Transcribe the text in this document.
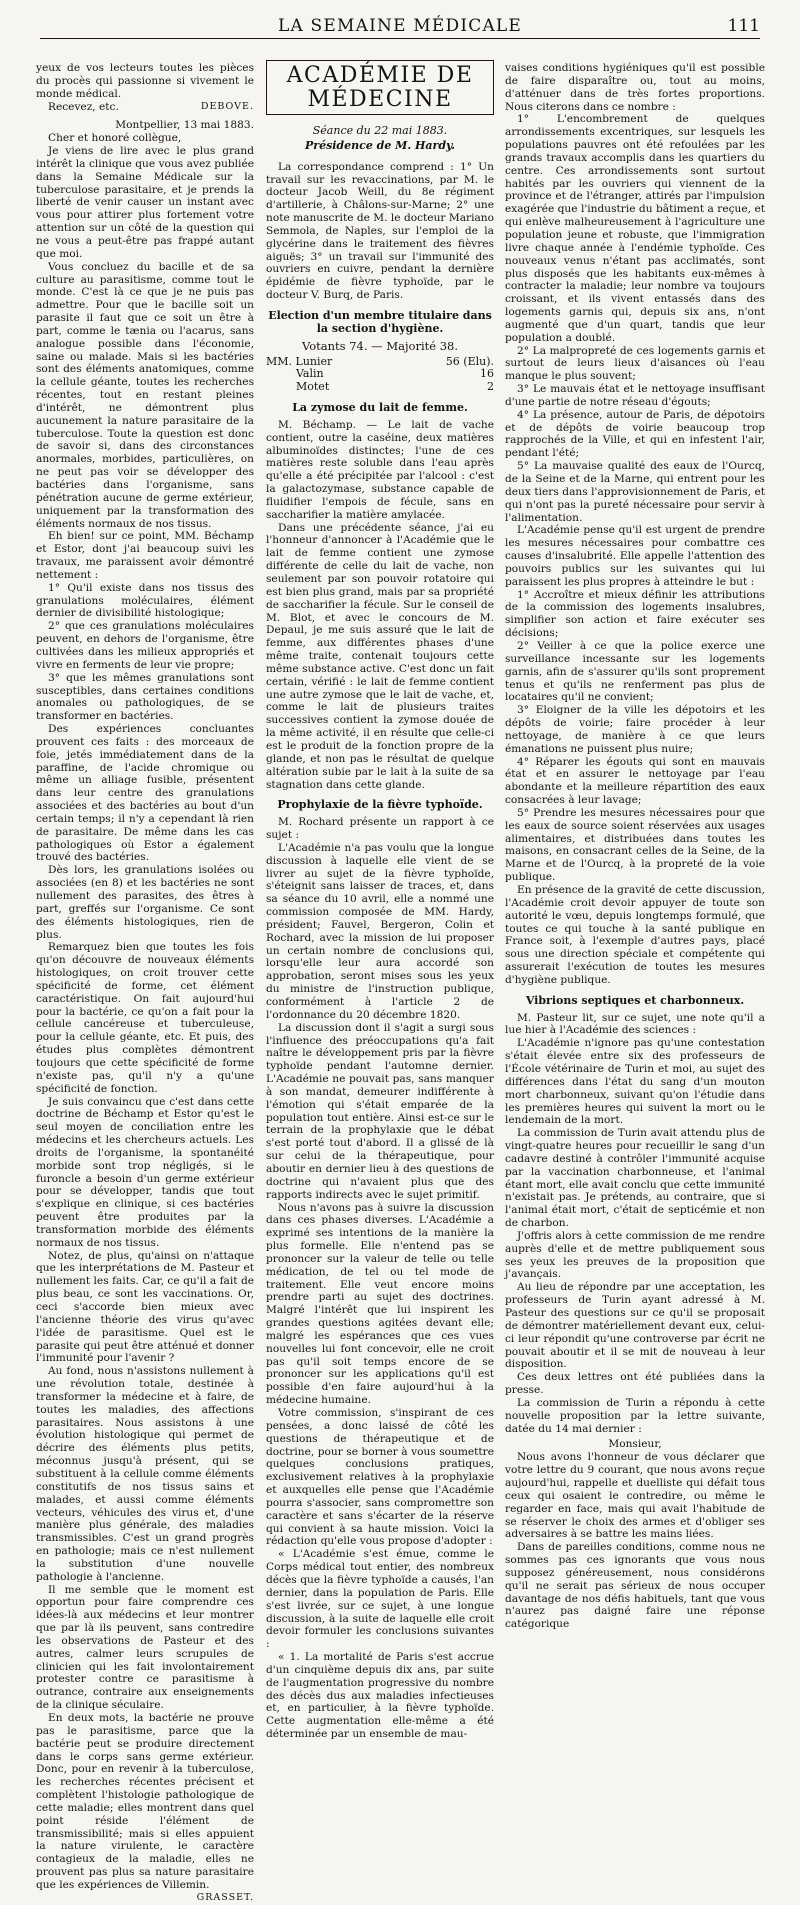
LA SEMAINE MÉDICALE	111

yeux de vos lecteurs toutes les pièces du procès qui passionne si vivement le monde médical.

Recevez, etc.	DEBOVE.

Montpellier, 13 mai 1883.

Cher et honoré collègue,

Je viens de lire avec le plus grand intérêt la clinique que vous avez publiée dans la Semaine Médicale sur la tuberculose parasitaire, et je prends la liberté de venir causer un instant avec vous pour attirer plus fortement votre attention sur un côté de la question qui ne vous a peut-être pas frappé autant que moi.

Vous concluez du bacille et de sa culture au parasitisme, comme tout le monde. C'est là ce que je ne puis pas admettre. Pour que le bacille soit un parasite il faut que ce soit un être à part, comme le tænia ou l'acarus, sans analogue possible dans l'économie, saine ou malade. Mais si les bactéries sont des éléments anatomiques, comme la cellule géante, toutes les recherches récentes, tout en restant pleines d'intérêt, ne démontrent plus aucunement la nature parasitaire de la tuberculose. Toute la question est donc de savoir si, dans des circonstances anormales, morbides, particulières, on ne peut pas voir se développer des bactéries dans l'organisme, sans pénétration aucune de germe extérieur, uniquement par la transformation des éléments normaux de nos tissus.

Eh bien! sur ce point, MM. Béchamp et Estor, dont j'ai beaucoup suivi les travaux, me paraissent avoir démontré nettement :

1° Qu'il existe dans nos tissus des granulations moléculaires, élément dernier de divisibilité histologique;

2° que ces granulations moléculaires peuvent, en dehors de l'organisme, être cultivées dans les milieux appropriés et vivre en ferments de leur vie propre;

3° que les mêmes granulations sont susceptibles, dans certaines conditions anomales ou pathologiques, de se transformer en bactéries.

Des expériences concluantes prouvent ces faits : des morceaux de foie, jetés immédiatement dans de la paraffine, de l'acide chromique ou même un alliage fusible, présentent dans leur centre des granulations associées et des bactéries au bout d'un certain temps; il n'y a cependant là rien de parasitaire. De même dans les cas pathologiques où Estor a également trouvé des bactéries.

Dès lors, les granulations isolées ou associées (en 8) et les bactéries ne sont nullement des parasites, des êtres à part, greffés sur l'organisme. Ce sont des éléments histologiques, rien de plus.

Remarquez bien que toutes les fois qu'on découvre de nouveaux éléments histologiques, on croit trouver cette spécificité de forme, cet élément caractéristique. On fait aujourd'hui pour la bactérie, ce qu'on a fait pour la cellule cancéreuse et tuberculeuse, pour la cellule géante, etc. Et puis, des études plus complètes démontrent toujours que cette spécificité de forme n'existe pas, qu'il n'y a qu'une spécificité de fonction.

Je suis convaincu que c'est dans cette doctrine de Béchamp et Estor qu'est le seul moyen de conciliation entre les médecins et les chercheurs actuels. Les droits de l'organisme, la spontanéité morbide sont trop négligés, si le furoncle a besoin d'un germe extérieur pour se développer, tandis que tout s'explique en clinique, si ces bactéries peuvent être produites par la transformation morbide des éléments normaux de nos tissus.

Notez, de plus, qu'ainsi on n'attaque que les interprétations de M. Pasteur et nullement les faits. Car, ce qu'il a fait de plus beau, ce sont les vaccinations. Or, ceci s'accorde bien mieux avec l'ancienne théorie des virus qu'avec l'idée de parasitisme. Quel est le parasite qui peut être atténué et donner l'immunité pour l'avenir ?

Au fond, nous n'assistons nullement à une révolution totale, destinée à transformer la médecine et à faire, de toutes les maladies, des affections parasitaires. Nous assistons à une évolution histologique qui permet de décrire des éléments plus petits, méconnus jusqu'à présent, qui se substituent à la cellule comme éléments constitutifs de nos tissus sains et malades, et aussi comme éléments vecteurs, véhicules des virus et, d'une manière plus générale, des maladies transmissibles. C'est un grand progrès en pathologie; mais ce n'est nullement la substitution d'une nouvelle pathologie à l'ancienne.

Il me semble que le moment est opportun pour faire comprendre ces idées-là aux médecins et leur montrer que par là ils peuvent, sans contredire les observations de Pasteur et des autres, calmer leurs scrupules de clinicien qui les fait involontairement protester contre ce parasitisme à outrance, contraire aux enseignements de la clinique séculaire.

En deux mots, la bactérie ne prouve pas le parasitisme, parce que la bactérie peut se produire directement dans le corps sans germe extérieur. Donc, pour en revenir à la tuberculose, les recherches récentes précisent et complètent l'histologie pathologique de cette maladie; elles montrent dans quel point réside l'élément de transmissibilité; mais si elles appuient la nature virulente, le caractère contagieux de la maladie, elles ne prouvent pas plus sa nature parasitaire que les expériences de Villemin.

GRASSET.
ACADÉMIE DE MÉDECINE
Séance du 22 mai 1883.
Présidence de M. Hardy.

La correspondance comprend : 1° Un travail sur les revaccinations, par M. le docteur Jacob Weill, du 8e régiment d'artillerie, à Châlons-sur-Marne; 2° une note manuscrite de M. le docteur Mariano Semmola, de Naples, sur l'emploi de la glycérine dans le traitement des fièvres aiguës; 3° un travail sur l'immunité des ouvriers en cuivre, pendant la dernière épidémie de fièvre typhoïde, par le docteur V. Burq, de Paris.

Election d'un membre titulaire dans la section d'hygiène.
Votants 74. — Majorité 38.
MM. Lunier	56 (Elu).
Valin	16
Motet	2
La zymose du lait de femme.

M. Béchamp. — Le lait de vache contient, outre la caséine, deux matières albuminoïdes distinctes; l'une de ces matières reste soluble dans l'eau après qu'elle a été précipitée par l'alcool : c'est la galactozymase, substance capable de fluidifier l'empois de fécule, sans en saccharifier la matière amylacée.

Dans une précédente séance, j'ai eu l'honneur d'annoncer à l'Académie que le lait de femme contient une zymose différente de celle du lait de vache, non seulement par son pouvoir rotatoire qui est bien plus grand, mais par sa propriété de saccharifier la fécule. Sur le conseil de M. Blot, et avec le concours de M. Depaul, je me suis assuré que le lait de femme, aux différentes phases d'une même traite, contenait toujours cette même substance active. C'est donc un fait certain, vérifié : le lait de femme contient une autre zymose que le lait de vache, et, comme le lait de plusieurs traites successives contient la zymose douée de la même activité, il en résulte que celle-ci est le produit de la fonction propre de la glande, et non pas le résultat de quelque altération subie par le lait à la suite de sa stagnation dans cette glande.

Prophylaxie de la fièvre typhoïde.

M. Rochard présente un rapport à ce sujet :

L'Académie n'a pas voulu que la longue discussion à laquelle elle vient de se livrer au sujet de la fièvre typhoïde, s'éteignit sans laisser de traces, et, dans sa séance du 10 avril, elle a nommé une commission composée de MM. Hardy, président; Fauvel, Bergeron, Colin et Rochard, avec la mission de lui proposer un certain nombre de conclusions qui, lorsqu'elle leur aura accordé son approbation, seront mises sous les yeux du ministre de l'instruction publique, conformément à l'article 2 de l'ordonnance du 20 décembre 1820.

La discussion dont il s'agit a surgi sous l'influence des préoccupations qu'a fait naître le développement pris par la fièvre typhoïde pendant l'automne dernier. L'Académie ne pouvait pas, sans manquer à son mandat, demeurer indifférente à l'émotion qui s'était emparée de la population tout entière. Ainsi est-ce sur le terrain de la prophylaxie que le débat s'est porté tout d'abord. Il a glissé de là sur celui de la thérapeutique, pour aboutir en dernier lieu à des questions de doctrine qui n'avaient plus que des rapports indirects avec le sujet primitif.

Nous n'avons pas à suivre la discussion dans ces phases diverses. L'Académie a exprimé ses intentions de la manière la plus formelle. Elle n'entend pas se prononcer sur la valeur de telle ou telle médication, de tel ou tel mode de traitement. Elle veut encore moins prendre parti au sujet des doctrines. Malgré l'intérêt que lui inspirent les grandes questions agitées devant elle; malgré les espérances que ces vues nouvelles lui font concevoir, elle ne croit pas qu'il soit temps encore de se prononcer sur les applications qu'il est possible d'en faire aujourd'hui à la médecine humaine.

Votre commission, s'inspirant de ces pensées, a donc laissé de côté les questions de thérapeutique et de doctrine, pour se borner à vous soumettre quelques conclusions pratiques, exclusivement relatives à la prophylaxie et auxquelles elle pense que l'Académie pourra s'associer, sans compromettre son caractère et sans s'écarter de la réserve qui convient à sa haute mission. Voici la rédaction qu'elle vous propose d'adopter :

« L'Académie s'est émue, comme le Corps médical tout entier, des nombreux décès que la fièvre typhoïde a causés, l'an dernier, dans la population de Paris. Elle s'est livrée, sur ce sujet, à une longue discussion, à la suite de laquelle elle croit devoir formuler les conclusions suivantes :

« 1. La mortalité de Paris s'est accrue d'un cinquième depuis dix ans, par suite de l'augmentation progressive du nombre des décès dus aux maladies infectieuses et, en particulier, à la fièvre typhoïde. Cette augmentation elle-même a été déterminée par un ensemble de mau-

vaises conditions hygiéniques qu'il est possible de faire disparaître ou, tout au moins, d'atténuer dans de très fortes proportions. Nous citerons dans ce nombre :

1° L'encombrement de quelques arrondissements excentriques, sur lesquels les populations pauvres ont été refoulées par les grands travaux accomplis dans les quartiers du centre. Ces arrondissements sont surtout habités par les ouvriers qui viennent de la province et de l'étranger, attirés par l'impulsion exagérée que l'industrie du bâtiment a reçue, et qui enlève malheureusement à l'agriculture une population jeune et robuste, que l'immigration livre chaque année à l'endémie typhoïde. Ces nouveaux venus n'étant pas acclimatés, sont plus disposés que les habitants eux-mêmes à contracter la maladie; leur nombre va toujours croissant, et ils vivent entassés dans des logements garnis qui, depuis six ans, n'ont augmenté que d'un quart, tandis que leur population a doublé.

2° La malpropreté de ces logements garnis et surtout de leurs lieux d'aisances où l'eau manque le plus souvent;

3° Le mauvais état et le nettoyage insuffisant d'une partie de notre réseau d'égouts;

4° La présence, autour de Paris, de dépotoirs et de dépôts de voirie beaucoup trop rapprochés de la Ville, et qui en infestent l'air, pendant l'été;

5° La mauvaise qualité des eaux de l'Ourcq, de la Seine et de la Marne, qui entrent pour les deux tiers dans l'approvisionnement de Paris, et qui n'ont pas la pureté nécessaire pour servir à l'alimentation.

L'Académie pense qu'il est urgent de prendre les mesures nécessaires pour combattre ces causes d'insalubrité. Elle appelle l'attention des pouvoirs publics sur les suivantes qui lui paraissent les plus propres à atteindre le but :

1° Accroître et mieux définir les attributions de la commission des logements insalubres, simplifier son action et faire exécuter ses décisions;

2° Veiller à ce que la police exerce une surveillance incessante sur les logements garnis, afin de s'assurer qu'ils sont proprement tenus et qu'ils ne renferment pas plus de locataires qu'il ne convient;

3° Eloigner de la ville les dépotoirs et les dépôts de voirie; faire procéder à leur nettoyage, de manière à ce que leurs émanations ne puissent plus nuire;

4° Réparer les égouts qui sont en mauvais état et en assurer le nettoyage par l'eau abondante et la meilleure répartition des eaux consacrées à leur lavage;

5° Prendre les mesures nécessaires pour que les eaux de source soient réservées aux usages alimentaires, et distribuées dans toutes les maisons, en consacrant celles de la Seine, de la Marne et de l'Ourcq, à la propreté de la voie publique.

En présence de la gravité de cette discussion, l'Académie croit devoir appuyer de toute son autorité le vœu, depuis longtemps formulé, que toutes ce qui touche à la santé publique en France soit, à l'exemple d'autres pays, placé sous une direction spéciale et compétente qui assurerait l'exécution de toutes les mesures d'hygiène publique.

Vibrions septiques et charbonneux.

M. Pasteur lit, sur ce sujet, une note qu'il a lue hier à l'Académie des sciences :

L'Académie n'ignore pas qu'une contestation s'était élevée entre six des professeurs de l'École vétérinaire de Turin et moi, au sujet des différences dans l'état du sang d'un mouton mort charbonneux, suivant qu'on l'étudie dans les premières heures qui suivent la mort ou le lendemain de la mort.

La commission de Turin avait attendu plus de vingt-quatre heures pour recueillir le sang d'un cadavre destiné à contrôler l'immunité acquise par la vaccination charbonneuse, et l'animal étant mort, elle avait conclu que cette immunité n'existait pas. Je prétends, au contraire, que si l'animal était mort, c'était de septicémie et non de charbon.

J'offris alors à cette commission de me rendre auprès d'elle et de mettre publiquement sous ses yeux les preuves de la proposition que j'avançais.

Au lieu de répondre par une acceptation, les professeurs de Turin ayant adressé à M. Pasteur des questions sur ce qu'il se proposait de démontrer matériellement devant eux, celui-ci leur répondit qu'une controverse par écrit ne pouvait aboutir et il se mit de nouveau à leur disposition.

Ces deux lettres ont été publiées dans la presse.

La commission de Turin a répondu à cette nouvelle proposition par la lettre suivante, datée du 14 mai dernier :

Monsieur,

Nous avons l'honneur de vous déclarer que votre lettre du 9 courant, que nous avons reçue aujourd'hui, rappelle et duelliste qui défait tous ceux qui osaient le contredire, ou même le regarder en face, mais qui avait l'habitude de se réserver le choix des armes et d'obliger ses adversaires à se battre les mains liées.

Dans de pareilles conditions, comme nous ne sommes pas ces ignorants que vous nous supposez généreusement, nous considérons qu'il ne serait pas sérieux de nous occuper davantage de nos défis habituels, tant que vous n'aurez pas daigné faire une réponse catégorique
